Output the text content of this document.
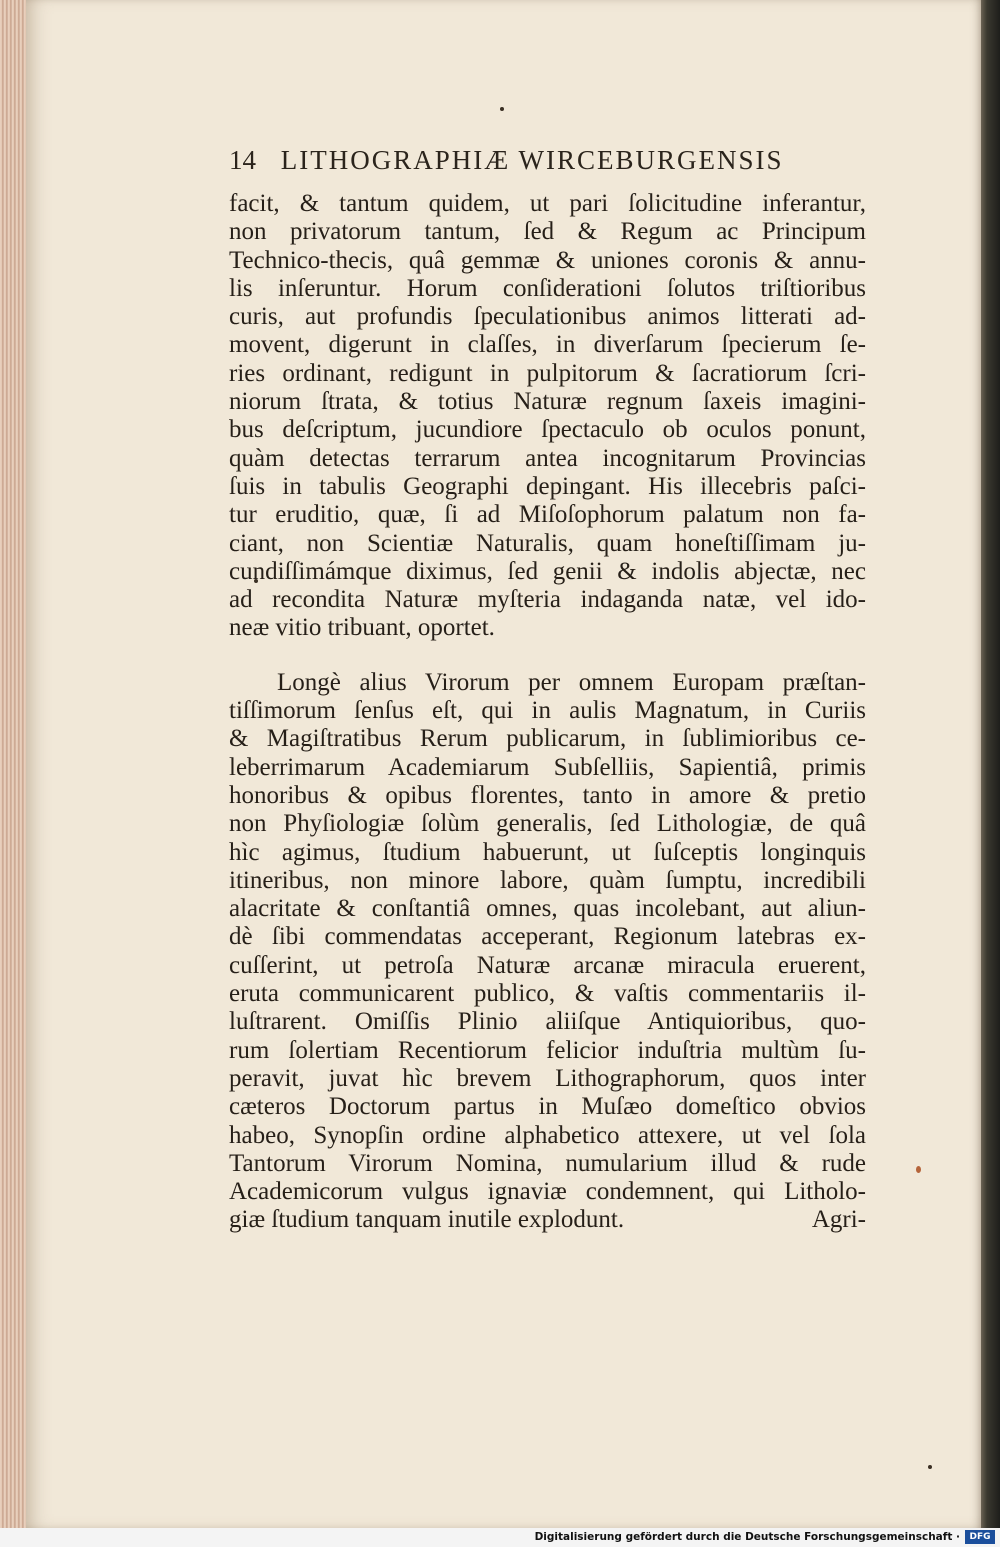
14 LITHOGRAPHIÆ WIRCEBURGENSIS
facit, & tantum quidem, ut pari ſolicitudine inferantur,
non privatorum tantum, ſed & Regum ac Principum
Technico-thecis, quâ gemmæ & uniones coronis & annu-
lis inſeruntur. Horum conſiderationi ſolutos triſtioribus
curis, aut profundis ſpeculationibus animos litterati ad-
movent, digerunt in claſſes, in diverſarum ſpecierum ſe-
ries ordinant, redigunt in pulpitorum & ſacratiorum ſcri-
niorum ſtrata, & totius Naturæ regnum ſaxeis imagini-
bus deſcriptum, jucundiore ſpectaculo ob oculos ponunt,
quàm detectas terrarum antea incognitarum Provincias
ſuis in tabulis Geographi depingant. His illecebris paſci-
tur eruditio, quæ, ſi ad Miſoſophorum palatum non fa-
ciant, non Scientiæ Naturalis, quam honeſtiſſimam ju-
cundiſſimámque diximus, ſed genii & indolis abjectæ, nec
ad recondita Naturæ myſteria indaganda natæ, vel ido-
neæ vitio tribuant, oportet.
Longè alius Virorum per omnem Europam præſtan-
tiſſimorum ſenſus eſt, qui in aulis Magnatum, in Curiis
& Magiſtratibus Rerum publicarum, in ſublimioribus ce-
leberrimarum Academiarum Subſelliis, Sapientiâ, primis
honoribus & opibus florentes, tanto in amore & pretio
non Phyſiologiæ ſolùm generalis, ſed Lithologiæ, de quâ
hìc agimus, ſtudium habuerunt, ut ſuſceptis longinquis
itineribus, non minore labore, quàm ſumptu, incredibili
alacritate & conſtantiâ omnes, quas incolebant, aut aliun-
dè ſibi commendatas acceperant, Regionum latebras ex-
cuſſerint, ut petroſa Naturæ arcanæ miracula eruerent,
eruta communicarent publico, & vaſtis commentariis il-
luſtrarent. Omiſſis Plinio aliiſque Antiquioribus, quo-
rum ſolertiam Recentiorum felicior induſtria multùm ſu-
peravit, juvat hìc brevem Lithographorum, quos inter
cæteros Doctorum partus in Muſæo domeſtico obvios
habeo, Synopſin ordine alphabetico attexere, ut vel ſola
Tantorum Virorum Nomina, numularium illud & rude
Academicorum vulgus ignaviæ condemnent, qui Litholo-
giæ ſtudium tanquam inutile explodunt.	Agri-
Digitalisierung gefördert durch die Deutsche Forschungsgemeinschaft ·	DFG
